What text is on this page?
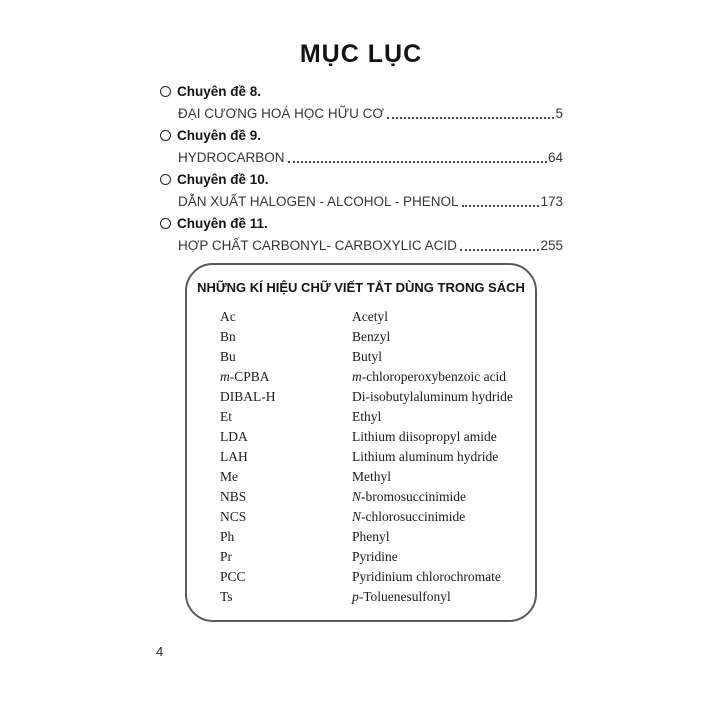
MỤC LỤC
Chuyên đề 8.
ĐẠI CƯƠNG HOÁ HỌC HỮU CƠ	5
Chuyên đề 9.
HYDROCARBON	64
Chuyên đề 10.
DẪN XUẤT HALOGEN - ALCOHOL - PHENOL	173
Chuyên đề 11.
HỢP CHẤT CARBONYL- CARBOXYLIC ACID	255
NHỮNG KÍ HIỆU CHỮ VIẾT TẮT DÙNG TRONG SÁCH
Ac	Acetyl
Bn	Benzyl
Bu	Butyl
m-CPBA	m-chloroperoxybenzoic acid
DIBAL-H	Di-isobutylaluminum hydride
Et	Ethyl
LDA	Lithium diisopropyl amide
LAH	Lithium aluminum hydride
Me	Methyl
NBS	N-bromosuccinimide
NCS	N-chlorosuccinimide
Ph	Phenyl
Pr	Pyridine
PCC	Pyridinium chlorochromate
Ts	p-Toluenesulfonyl
4
